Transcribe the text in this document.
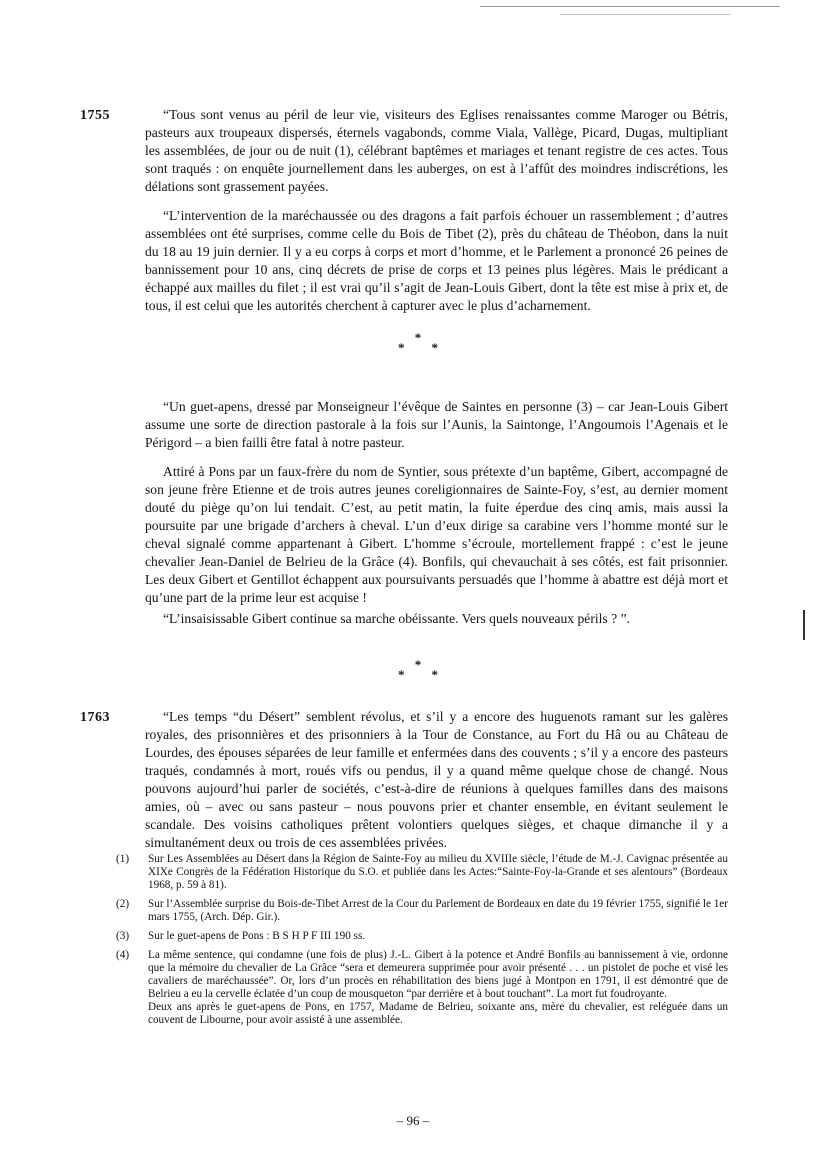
1755	“Tous sont venus au péril de leur vie, visiteurs des Eglises renaissantes comme Maroger ou Bétris, pasteurs aux troupeaux dispersés, éternels vagabonds, comme Viala, Vallège, Picard, Dugas, multipliant les assemblées, de jour ou de nuit (1), célébrant baptêmes et mariages et tenant registre de ces actes. Tous sont traqués : on enquête journellement dans les auberges, on est à l’affût des moindres indiscrétions, les délations sont grassement payées.
“L’intervention de la maréchaussée ou des dragons a fait parfois échouer un rassemblement ; d’autres assemblées ont été surprises, comme celle du Bois de Tibet (2), près du château de Théobon, dans la nuit du 18 au 19 juin dernier. Il y a eu corps à corps et mort d’homme, et le Parlement a prononcé 26 peines de bannissement pour 10 ans, cinq décrets de prise de corps et 13 peines plus légères. Mais le prédicant a échappé aux mailles du filet ; il est vrai qu’il s’agit de Jean-Louis Gibert, dont la tête est mise à prix et, de tous, il est celui que les autorités cherchent à capturer avec le plus d’acharnement.
*
* *
“Un guet-apens, dressé par Monseigneur l’évêque de Saintes en personne (3) – car Jean-Louis Gibert assume une sorte de direction pastorale à la fois sur l’Aunis, la Saintonge, l’Angoumois l’Agenais et le Périgord – a bien failli être fatal à notre pasteur.
Attiré à Pons par un faux-frère du nom de Syntier, sous prétexte d’un baptême, Gibert, accompagné de son jeune frère Etienne et de trois autres jeunes coreligionnaires de Sainte-Foy, s’est, au dernier moment douté du piège qu’on lui tendait. C’est, au petit matin, la fuite éperdue des cinq amis, mais aussi la poursuite par une brigade d’archers à cheval. L’un d’eux dirige sa carabine vers l’homme monté sur le cheval signalé comme appartenant à Gibert. L’homme s’écroule, mortellement frappé : c’est le jeune chevalier Jean-Daniel de Belrieu de la Grâce (4). Bonfils, qui chevauchait à ses côtés, est fait prisonnier. Les deux Gibert et Gentillot échappent aux poursuivants persuadés que l’homme à abattre est déjà mort et qu’une part de la prime leur est acquise !
“L’insaisissable Gibert continue sa marche obéissante. Vers quels nouveaux périls ? ”.
*
* *
1763	“Les temps “du Désert” semblent révolus, et s’il y a encore des huguenots ramant sur les galères royales, des prisonnières et des prisonniers à la Tour de Constance, au Fort du Hâ ou au Château de Lourdes, des épouses séparées de leur famille et enfermées dans des couvents ; s’il y a encore des pasteurs traqués, condamnés à mort, roués vifs ou pendus, il y a quand même quelque chose de changé. Nous pouvons aujourd’hui parler de sociétés, c’est-à-dire de réunions à quelques familles dans des maisons amies, où – avec ou sans pasteur – nous pouvons prier et chanter ensemble, en évitant seulement le scandale. Des voisins catholiques prêtent volontiers quelques sièges, et chaque dimanche il y a simultanément deux ou trois de ces assemblées privées.
(1)	Sur Les Assemblées au Désert dans la Région de Sainte-Foy au milieu du XVIIIe siècle, l’étude de M.-J. Cavignac présentée au XIXe Congrès de la Fédération Historique du S.O. et publiée dans les Actes:“Sainte-Foy-la-Grande et ses alentours” (Bordeaux 1968, p. 59 à 81).
(2)	Sur l’Assemblée surprise du Bois-de-Tibet Arrest de la Cour du Parlement de Bordeaux en date du 19 février 1755, signifié le 1er mars 1755, (Arch. Dép. Gir.).
(3)	Sur le guet-apens de Pons : B S H P F III 190 ss.
(4)	La même sentence, qui condamne (une fois de plus) J.-L. Gibert à la potence et André Bonfils au bannissement à vie, ordonne que la mémoire du chevalier de La Grâce “sera et demeurera supprimée pour avoir présenté . . . un pistolet de poche et visé les cavaliers de maréchaussée”. Or, lors d’un procès en réhabilitation des biens jugé à Montpon en 1791, il est démontré que de Belrieu a eu la cervelle éclatée d’un coup de mousqueton “par derrière et à bout touchant”. La mort fut foudroyante.
Deux ans après le guet-apens de Pons, en 1757, Madame de Belrieu, soixante ans, mère du chevalier, est reléguée dans un couvent de Libourne, pour avoir assisté à une assemblée.
– 96 –
